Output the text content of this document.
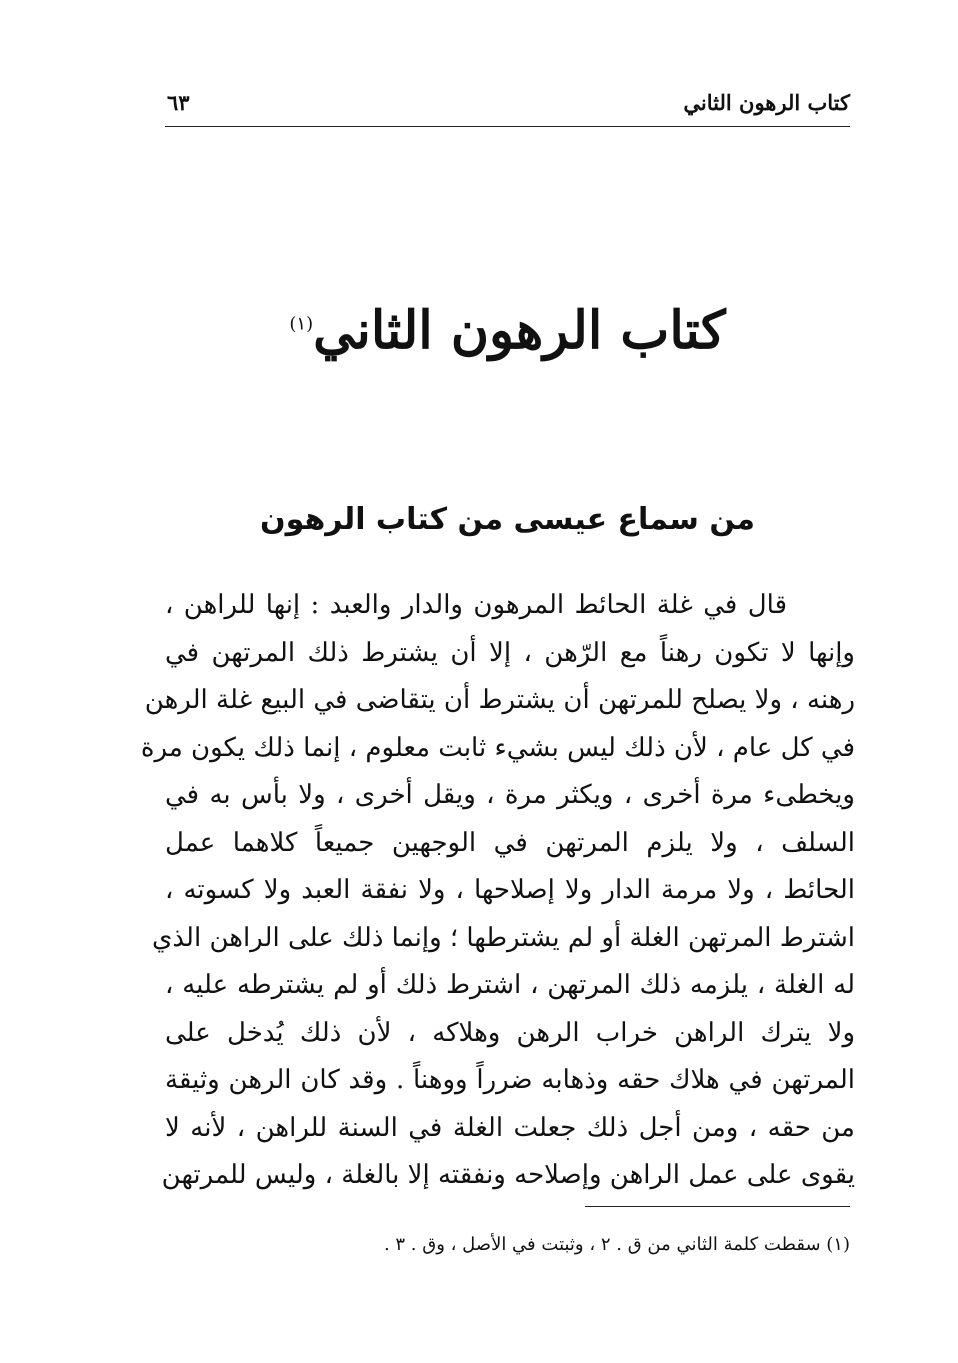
كتاب الرهون الثاني
٦٣
كتاب الرهون الثاني$^{(١)}$
من سماع عيسى من كتاب الرهون
قال في غلة الحائط المرهون والدار والعبد : إنها للراهن ،
وإنها لا تكون رهناً مع الرّهن ، إلا أن يشترط ذلك المرتهن في
رهنه ، ولا يصلح للمرتهن أن يشترط أن يتقاضى في البيع غلة الرهن
في كل عام ، لأن ذلك ليس بشيء ثابت معلوم ، إنما ذلك يكون مرة
ويخطىء مرة أخرى ، ويكثر مرة ، ويقل أخرى ، ولا بأس به في
السلف ، ولا يلزم المرتهن في الوجهين جميعاً كلاهما عمل
الحائط ، ولا مرمة الدار ولا إصلاحها ، ولا نفقة العبد ولا كسوته ،
اشترط المرتهن الغلة أو لم يشترطها ؛ وإنما ذلك على الراهن الذي
له الغلة ، يلزمه ذلك المرتهن ، اشترط ذلك أو لم يشترطه عليه ،
ولا يترك الراهن خراب الرهن وهلاكه ، لأن ذلك يُدخل على
المرتهن في هلاك حقه وذهابه ضرراً ووهناً . وقد كان الرهن وثيقة
من حقه ، ومن أجل ذلك جعلت الغلة في السنة للراهن ، لأنه لا
يقوى على عمل الراهن وإصلاحه ونفقته إلا بالغلة ، وليس للمرتهن
(١) سقطت كلمة الثاني من ق . ٢ ، وثبتت في الأصل ، وق . ٣ .
